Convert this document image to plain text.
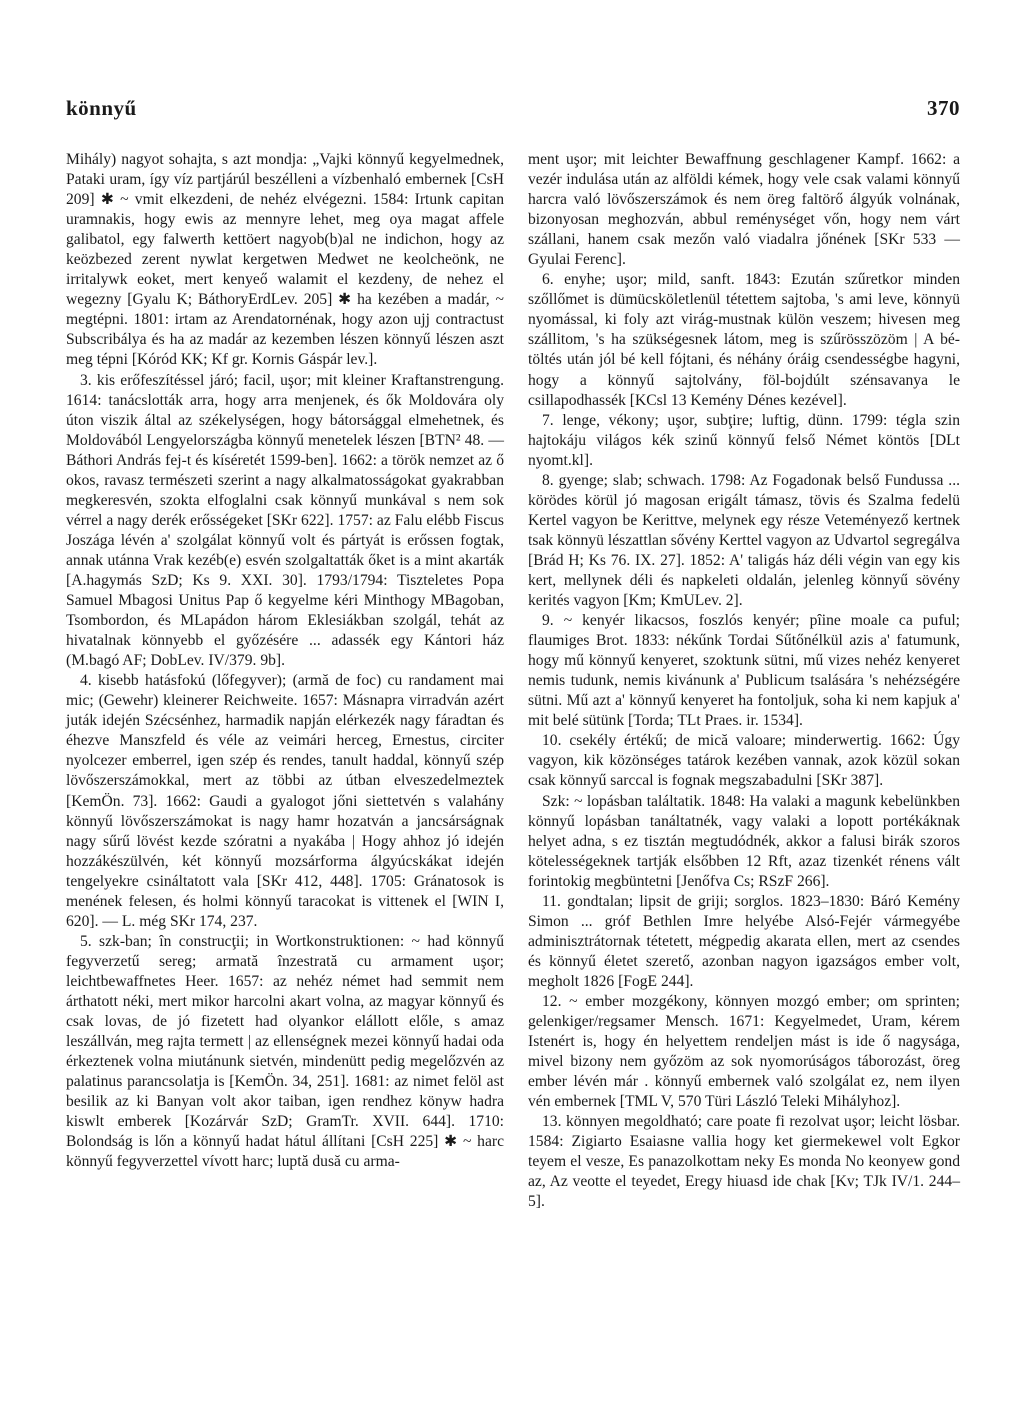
könnyű	370

Mihály) nagyot sohajta, s azt mondja: „Vajki könnyű kegyelmednek, Pataki uram, így víz partjárúl beszélleni a vízbenhaló embernek [CsH 209] ✱ ~ vmit elkezdeni, de nehéz elvégezni. 1584: Irtunk capitan uramnakis, hogy ewis az mennyre lehet, meg oya magat affele galibatol, egy falwerth kettöert nagyob(b)al ne indichon, hogy az keözbezed zerent nywlat kergetwen Medwet ne keolcheönk, ne irritalywk eoket, mert kenyeő walamit el kezdeny, de nehez el wegezny [Gyalu K; BáthoryErdLev. 205] ✱ ha kezében a madár, ~ megtépni. 1801: irtam az Arendatornénak, hogy azon ujj contractust Subscribálya és ha az madár az kezemben lészen könnyű lészen aszt meg tépni [Kóród KK; Kf gr. Kornis Gáspár lev.].

3. kis erőfeszítéssel járó; facil, uşor; mit kleiner Kraftanstrengung. 1614: tanácslották arra, hogy arra menjenek, és ők Moldovára oly úton viszik által az székelységen, hogy bátorsággal elmehetnek, és Moldovából Lengyelországba könnyű menetelek lészen [BTN² 48. — Báthori András fej-t és kíséretét 1599-ben]. 1662: a török nemzet az ő okos, ravasz természeti szerint a nagy alkalmatosságokat gyakrabban megkeresvén, szokta elfoglalni csak könnyű munkával s nem sok vérrel a nagy derék erősségeket [SKr 622]. 1757: az Falu elébb Fiscus Joszága lévén a' szolgálat könnyű volt és pártyát is erőssen fogtak, annak utánna Vrak kezéb(e) esvén szolgaltatták őket is a mint akarták [A.hagymás SzD; Ks 9. XXI. 30]. 1793/1794: Tiszteletes Popa Samuel Mbagosi Unitus Pap ő kegyelme kéri Minthogy MBagoban, Tsombordon, és MLapádon három Eklesiákban szolgál, tehát az hivatalnak könnyebb el győzésére ... adassék egy Kántori ház (M.bagó AF; DobLev. IV/379. 9b].

4. kisebb hatásfokú (lőfegyver); (armă de foc) cu randament mai mic; (Gewehr) kleinerer Reichweite. 1657: Másnapra virradván azért juták idején Szécsénhez, harmadik napján elérkezék nagy fáradtan és éhezve Manszfeld és véle az veimári herceg, Ernestus, circiter nyolcezer emberrel, igen szép és rendes, tanult haddal, könnyű szép lövőszerszámokkal, mert az többi az útban elveszedelmeztek [KemÖn. 73]. 1662: Gaudi a gyalogot jőni siettetvén s valahány könnyű lövőszerszámokat is nagy hamr hozatván a jancsárságnak nagy sűrű lövést kezde szóratni a nyakába | Hogy ahhoz jó idején hozzákészülvén, két könnyű mozsárforma álgyúcskákat idején tengelyekre csináltatott vala [SKr 412, 448]. 1705: Gránatosok is menének felesen, és holmi könnyű taracokat is vittenek el [WIN I, 620]. — L. még SKr 174, 237.

5. szk-ban; în construcţii; in Wortkonstruktionen: ~ had könnyű fegyverzetű sereg; armată înzestrată cu armament uşor; leichtbewaffnetes Heer. 1657: az nehéz német had semmit nem árthatott néki, mert mikor harcolni akart volna, az magyar könnyű és csak lovas, de jó fizetett had olyankor elállott előle, s amaz leszállván, meg rajta termett | az ellenségnek mezei könnyű hadai oda érkeztenek volna miutánunk sietvén, mindenütt pedig megelőzvén az palatinus parancsolatja is [KemÖn. 34, 251]. 1681: az nimet felöl ast besilik az ki Banyan volt akor taiban, igen rendhez könyw hadra kiswlt emberek [Kozárvár SzD; GramTr. XVII. 644]. 1710: Bolondság is lőn a könnyű hadat hátul állítani [CsH 225] ✱ ~ harc könnyű fegyverzettel vívott harc; luptă dusă cu arma-

ment uşor; mit leichter Bewaffnung geschlagener Kampf. 1662: a vezér indulása után az alföldi kémek, hogy vele csak valami könnyű harcra való lövőszerszámok és nem öreg faltörő álgyúk volnának, bizonyosan meghozván, abbul reménységet vőn, hogy nem várt szállani, hanem csak mezőn való viadalra jőnének [SKr 533 — Gyulai Ferenc].

6. enyhe; uşor; mild, sanft. 1843: Ezután szűretkor minden szőllőmet is dümücsköletlenül tétettem sajtoba, 's ami leve, könnyü nyomással, ki foly azt virág-mustnak külön veszem; hivesen meg szállitom, 's ha szükségesnek látom, meg is szűrösszözöm | A bé-töltés után jól bé kell fójtani, és néhány óráig csendességbe hagyni, hogy a könnyű sajtolvány, föl-bojdúlt szénsavanya le csillapodhassék [KCsl 13 Kemény Dénes kezével].

7. lenge, vékony; uşor, subţire; luftig, dünn. 1799: tégla szin hajtokáju világos kék szinű könnyű felső Német köntös [DLt nyomt.kl].

8. gyenge; slab; schwach. 1798: Az Fogadonak belső Fundussa ... körödes körül jó magosan erigált támasz, tövis és Szalma fedelü Kertel vagyon be Kerittve, melynek egy része Veteményező kertnek tsak könnyü lészattlan sővény Kerttel vagyon az Udvartol segregálva [Brád H; Ks 76. IX. 27]. 1852: A' taligás ház déli végin van egy kis kert, mellynek déli és napkeleti oldalán, jelenleg könnyű sövény kerités vagyon [Km; KmULev. 2].

9. ~ kenyér likacsos, foszlós kenyér; pîine moale ca puful; flaumiges Brot. 1833: nékűnk Tordai Sűtőnélkül azis a' fatumunk, hogy mű könnyű kenyeret, szoktunk sütni, mű vizes nehéz kenyeret nemis tudunk, nemis kivánunk a' Publicum tsalására 's nehézségére sütni. Mű azt a' könnyű kenyeret ha fontoljuk, soha ki nem kapjuk a' mit belé sütünk [Torda; TLt Praes. ir. 1534].

10. csekély értékű; de mică valoare; minderwertig. 1662: Úgy vagyon, kik közönséges tatárok kezében vannak, azok közül sokan csak könnyű sarccal is fognak megszabadulni [SKr 387].

Szk: ~ lopásban találtatik. 1848: Ha valaki a magunk kebelünkben könnyű lopásban tanáltatnék, vagy valaki a lopott portékáknak helyet adna, s ez tisztán megtudódnék, akkor a falusi birák szoros kötelességeknek tartják elsőbben 12 Rft, azaz tizenkét rénens vált forintokig megbüntetni [Jenőfva Cs; RSzF 266].

11. gondtalan; lipsit de griji; sorglos. 1823–1830: Báró Kemény Simon ... gróf Bethlen Imre helyébe Alsó-Fejér vármegyébe adminisztrátornak tétetett, mégpedig akarata ellen, mert az csendes és könnyű életet szerető, azonban nagyon igazságos ember volt, megholt 1826 [FogE 244].

12. ~ ember mozgékony, könnyen mozgó ember; om sprinten; gelenkiger/regsamer Mensch. 1671: Kegyelmedet, Uram, kérem Istenért is, hogy én helyettem rendeljen mást is ide ő nagysága, mivel bizony nem győzöm az sok nyomorúságos táborozást, öreg ember lévén már . könnyű embernek való szolgálat ez, nem ilyen vén embernek [TML V, 570 Türi László Teleki Mihályhoz].

13. könnyen megoldható; care poate fi rezolvat uşor; leicht lösbar. 1584: Zigiarto Esaiasne vallia hogy ket giermekewel volt Egkor teyem el vesze, Es panazolkottam neky Es monda No keonyew gond az, Az veotte el teyedet, Eregy hiuasd ide chak [Kv; TJk IV/1. 244–5].
